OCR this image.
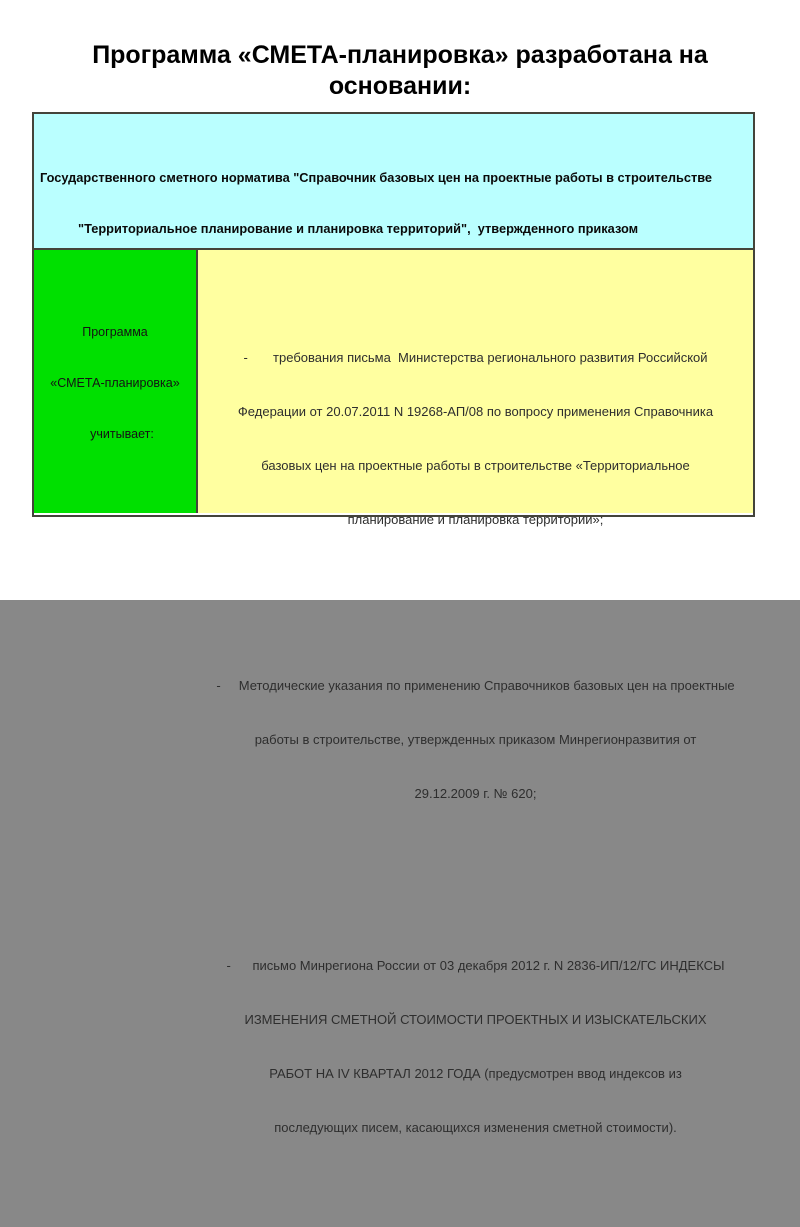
Программа «СМЕТА-планировка» разработана на основании:

Государственного сметного норматива "Справочник базовых цен на проектные работы в строительстве

"Территориальное планирование и планировка территорий",  утвержденного приказом

Программа

«СМЕТА-планировка»

учитывает:

-       требования письма  Министерства регионального развития Российской

Федерации от 20.07.2011 N 19268-АП/08 по вопросу применения Справочника

базовых цен на проектные работы в строительстве «Территориальное

планирование и планировка территории»;

-     Методические указания по применению Справочников базовых цен на проектные

работы в строительстве, утвержденных приказом Минрегионразвития от

29.12.2009 г. № 620;

-      письмо Минрегиона России от 03 декабря 2012 г. N 2836-ИП/12/ГС ИНДЕКСЫ

ИЗМЕНЕНИЯ СМЕТНОЙ СТОИМОСТИ ПРОЕКТНЫХ И ИЗЫСКАТЕЛЬСКИХ

РАБОТ НА IV КВАРТАЛ 2012 ГОДА (предусмотрен ввод индексов из

последующих писем, касающихся изменения сметной стоимости).
